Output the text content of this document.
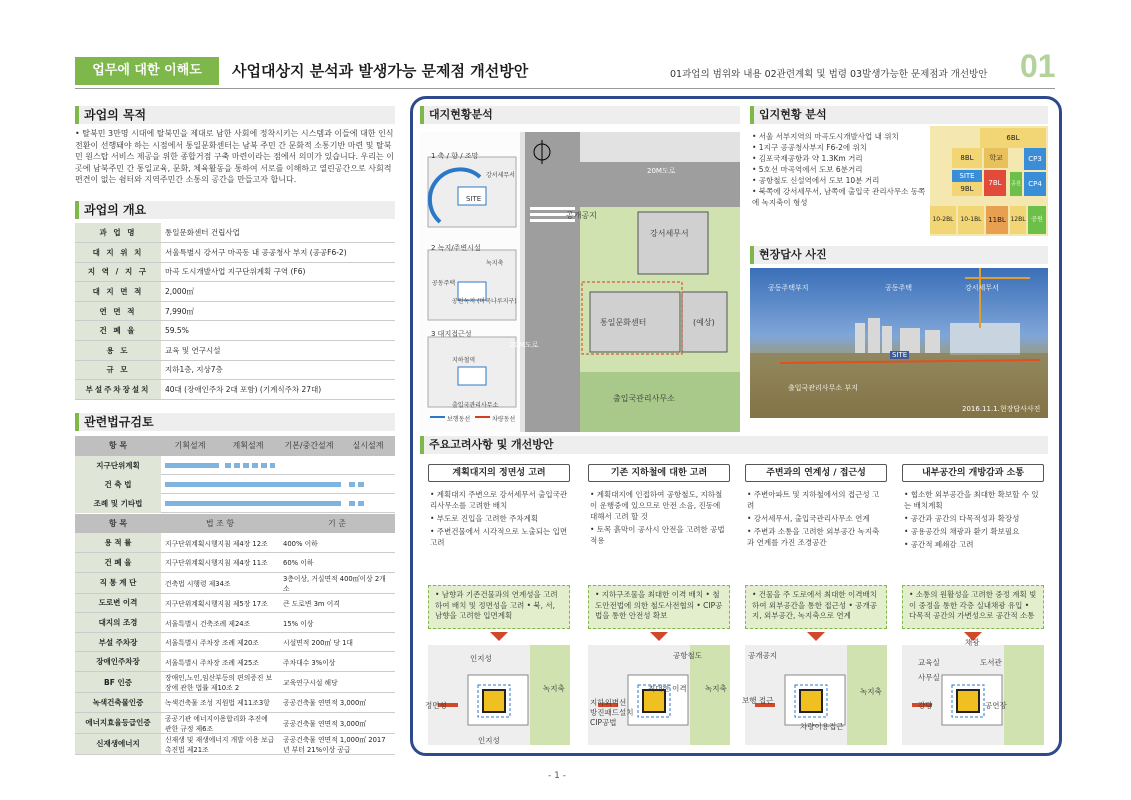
업무에 대한 이해도	사업대상지 분석과 발생가능 문제점 개선방안	01과업의 범위와 내용 02관련계획 및 법령 03발생가능한 문제점과 개선방안 01
과업의 목적
• 탈북민 3만명 시대에 탈북민을 제대로 남한 사회에 정착시키는 시스템과 이들에 대한 인식 전환이 선행돼야 하는 시점에서 통일문화센터는 남북 주민 간 문화적 소통기반 마련 및 탈북민 원스탑 서비스 제공을 위한 종합거점 구축 마련이라는 점에서 의미가 있습니다. 우리는 이곳에 남북주민 간 통일교육, 문화, 체육활동을 통하여 서로를 이해하고 열린공간으로 사회적 편견이 없는 쉼터와 지역주민간 소통의 공간을 만들고자 합니다.
과업의 개요
과 업 명	통일문화센터 건립사업
대 지 위 치	서울특별시 강서구 마곡동 내 공공청사 부지 (공공F6-2)
지 역 / 지 구	마곡 도시개발사업 지구단위계획 구역 (F6)
대 지 면 적	2,000㎡
연 면 적	7,990㎡
건 폐 율	59.5%
용 도	교육 및 연구시설
규 모	지하1층, 지상7층
부설주차장설치	40대 (장애인주차 2대 포함) (기계식주차 27대)
관련법규검토
항 목	기획설계	계획설계	기본/중간설계	실시설계
지구단위계획
건 축 법
조례 및 기타법
항 목	법 조 항	기 준
용 적 률	지구단위계획시행지침 제4장 12조	400% 이하
건 폐 율	지구단위계획시행지침 제4장 11조	60% 이하
직 통 계 단	건축법 시행령 제34조	3층이상, 거실면적 400㎡이상 2개소
도로변 이격	지구단위계획시행지침 제5장 17조	큰 도로변 3m 이격
대지의 조경	서울특별시 건축조례 제24조	15% 이상
부설 주차장	서울특별시 주차장 조례 제20조	시설면적 200㎡ 당 1대
장애인주차장	서울특별시 주차장 조례 제25조	주차대수 3%이상
BF 인증	장애인,노인,임산부등의 편의증진 보장에 관한 법률 제10조 2	교육연구시설 해당
녹색건축물인증	녹색건축물 조성 지원법 제11조3항	공공건축물 연면적 3,000㎡
에너지효율등급인증	공공기관 에너지이용합리화 추진에 관한 규정 제6조	공공건축물 연면적 3,000㎡
신재생에너지	신재생 및 재생에너지 개발 이용 보급촉진법 제21조	공공건축물 연면적 1,000㎡ 2017년 부터 21%이상 공급
대지현황분석
1 축 / 향 / 조망
2 녹지/주변시설
3 대지접근성
SITE
강서세무서
통일문화센터	(예상)
출입국관리사무소
공개공지
20M도로
20M도로
강서세무서
녹지축
공동주택
공원녹지 (마곡나루지구)
지하철역
출입국관리사무소
보행동선	차량동선
입지현황 분석
• 서울 서부지역의 마곡도시개발사업 내 위치
• 1지구 공공청사부지 F6-2에 위치
• 김포국제공항과 약 1.3Km 거리
• 5호선 마곡역에서 도보 6분거리
• 공항철도 신설역에서 도보 10분 거리
• 북쪽에 강서세무서, 남쪽에 출입국 관리사무소 동쪽에 녹지축이 형성
6BL
8BL	학교	CP3
SITE
9BL
7BL	CP4
10-2BL	10-1BL 11BL 12BL
공원
공원
현장답사 사진
공동주택부지	공동주택	강서세무서
SITE
출입국관리사무소 부지
2016.11.1.현장답사사진
주요고려사항 및 개선방안
계획대지의 정면성 고려
• 계획대지 주변으로 강서세무서 출입국관리사무소를 고려한 배치
• 부도로 진입을 고려한 주차계획
• 주변건물에서 시각적으로 노출되는 입면 고려
• 남향과 기존건물과의 연계성을 고려하여 배치 및 정면성을 고려 • 북, 서, 남향을 고려한 입면계획
기존 지하철에 대한 고려
• 계획대지에 인접하여 공항철도, 지하철이 운행중에 있으므로 안전 소음, 진동에 대해서 고려 할 것
• 토목 흙막이 공사시 안전을 고려한 공법 적용
• 지하구조물을 최대한 이격 배치 • 철도안전법에 의한 철도사전협의 • CIP공법을 통한 안전성 확보
주변과의 연계성 / 접근성
• 주변아파트 및 지하철에서의 접근성 고려
• 강서세무서, 출입국관리사무소 연계
• 주변과 소통을 고려한 외부공간 녹지축과 연계를 가진 조경공간
• 건물을 주 도로에서 최대한 이격배치 하여 외부공간을 통한 접근성 • 공개공지, 외부공간, 녹지축으로 연계
내부공간의 개방감과 소통
• 협소한 외부공간을 최대한 확보할 수 있는 배치계획
• 공간과 공간의 다목적성과 확장성
• 공용공간의 채광과 환기 확보필요
• 공간적 폐쇄감 고려
• 소통의 원활성을 고려한 중정 계획 빛이 중정을 통한 각층 실내채광 유입 • 다목적 공간의 가변성으로 공간적 소통
인지성
정면성
인지성
녹지축
공항철도
최대한 이격
지하외벽선
방진패드설치
CIP공법
녹지축
공개공지
녹지축
보행 접근
차량이용접근
채광
교육실	도서관
사무실
강당	공연장
- 1 -
